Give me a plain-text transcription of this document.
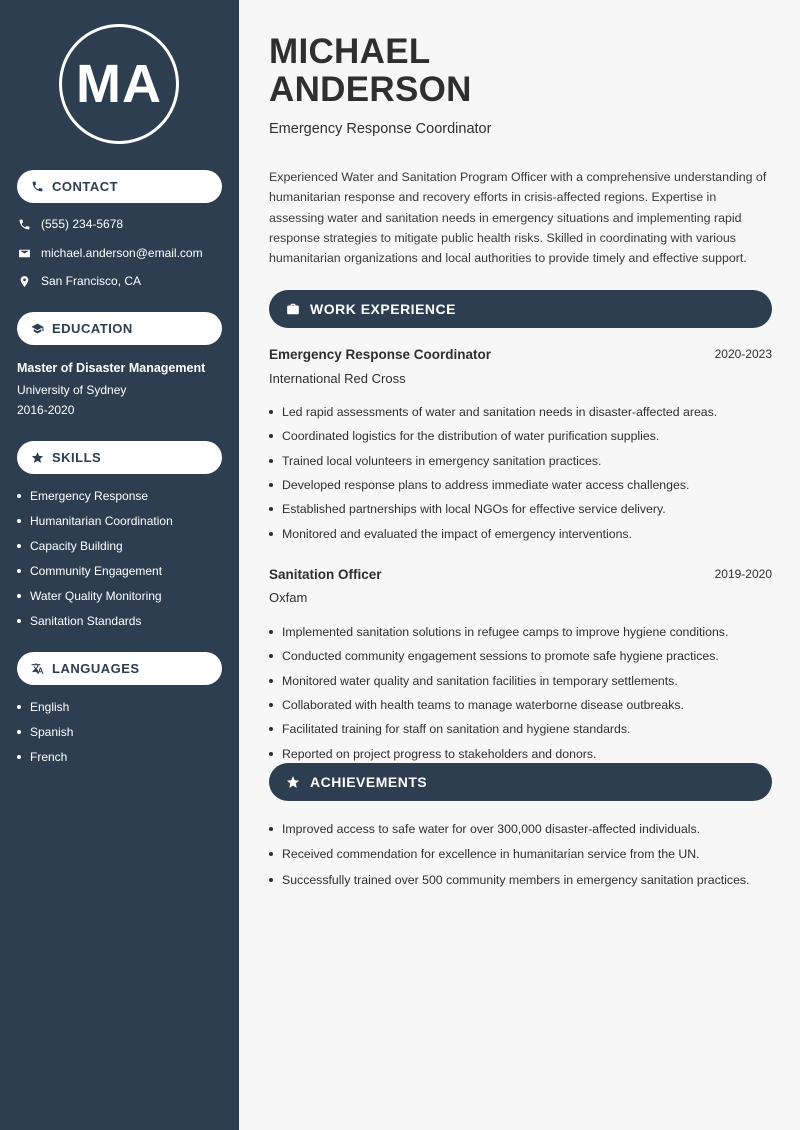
MA
CONTACT
(555) 234-5678
michael.anderson@email.com
San Francisco, CA
EDUCATION
Master of Disaster Management
University of Sydney
2016-2020
SKILLS
Emergency Response
Humanitarian Coordination
Capacity Building
Community Engagement
Water Quality Monitoring
Sanitation Standards
LANGUAGES
English
Spanish
French
MICHAEL
ANDERSON
Emergency Response Coordinator

Experienced Water and Sanitation Program Officer with a comprehensive understanding of humanitarian response and recovery efforts in crisis-affected regions. Expertise in assessing water and sanitation needs in emergency situations and implementing rapid response strategies to mitigate public health risks. Skilled in coordinating with various humanitarian organizations and local authorities to provide timely and effective support.

WORK EXPERIENCE
Emergency Response Coordinator	2020-2023
International Red Cross
Led rapid assessments of water and sanitation needs in disaster-affected areas.
Coordinated logistics for the distribution of water purification supplies.
Trained local volunteers in emergency sanitation practices.
Developed response plans to address immediate water access challenges.
Established partnerships with local NGOs for effective service delivery.
Monitored and evaluated the impact of emergency interventions.
Sanitation Officer	2019-2020
Oxfam
Implemented sanitation solutions in refugee camps to improve hygiene conditions.
Conducted community engagement sessions to promote safe hygiene practices.
Monitored water quality and sanitation facilities in temporary settlements.
Collaborated with health teams to manage waterborne disease outbreaks.
Facilitated training for staff on sanitation and hygiene standards.
Reported on project progress to stakeholders and donors.
ACHIEVEMENTS
Improved access to safe water for over 300,000 disaster-affected individuals.
Received commendation for excellence in humanitarian service from the UN.
Successfully trained over 500 community members in emergency sanitation practices.
